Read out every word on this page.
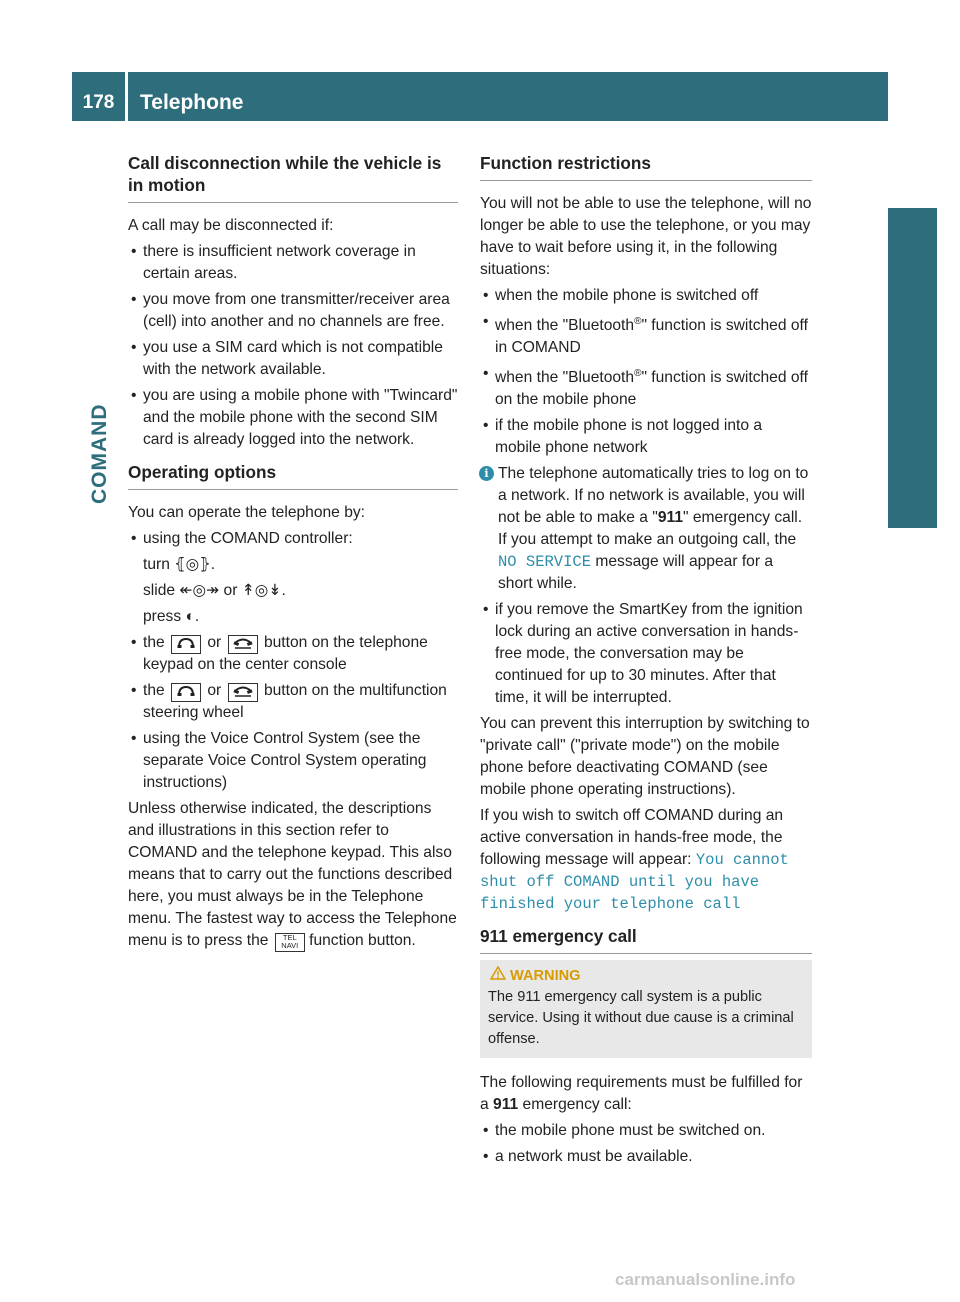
178	Telephone
COMAND
Call disconnection while the vehicle is in motion

A call may be disconnected if:

• there is insufficient network coverage in certain areas.
• you move from one transmitter/receiver area (cell) into another and no channels are free.
• you use a SIM card which is not compatible with the network available.
• you are using a mobile phone with "Twincard" and the mobile phone with the second SIM card is already logged into the network.
Operating options

You can operate the telephone by:

• using the COMAND controller:

turn ⦃◎⦄.

slide ↞◎↠ or ↟◎↡.

press ◐.

• the	or	button on the telephone keypad on the center console
• the	or	button on the multifunction steering wheel
• using the Voice Control System (see the separate Voice Control System operating instructions)

Unless otherwise indicated, the descriptions and illustrations in this section refer to COMAND and the telephone keypad. This also means that to carry out the functions described here, you must always be in the Telephone menu. The fastest way to access the Telephone menu is to press the TEL
NAVI function button.

Function restrictions

You will not be able to use the telephone, will no longer be able to use the telephone, or you may have to wait before using it, in the following situations:

• when the mobile phone is switched off
• when the "Bluetooth®" function is switched off in COMAND
• when the "Bluetooth®" function is switched off on the mobile phone
• if the mobile phone is not logged into a mobile phone network
i The telephone automatically tries to log on to a network. If no network is available, you will not be able to make a "911" emergency call. If you attempt to make an outgoing call, the NO SERVICE message will appear for a short while.
• if you remove the SmartKey from the ignition lock during an active conversation in hands-free mode, the conversation may be continued for up to 30 minutes. After that time, it will be interrupted.

You can prevent this interruption by switching to "private call" ("private mode") on the mobile phone before deactivating COMAND (see mobile phone operating instructions).

If you wish to switch off COMAND during an active conversation in hands-free mode, the following message will appear: You cannot shut off COMAND until you have finished your telephone call

911 emergency call
WARNING
The 911 emergency call system is a public service. Using it without due cause is a criminal offense.

The following requirements must be fulfilled for a 911 emergency call:

• the mobile phone must be switched on.
• a network must be available.
carmanualsonline.info
